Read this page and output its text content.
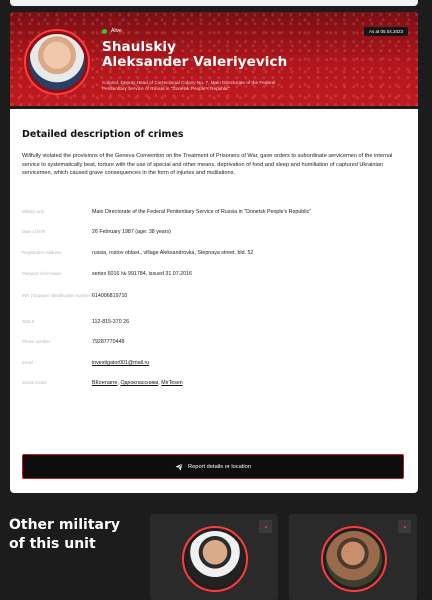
Alive	As at 05.04.2023
Shaulskiy
Aleksander Valeriyevich
Colonel, Deputy Head of Correctional Colony No. 7, Main Directorate of the Federal Penitentiary Service of Russia in "Donetsk People's Republic"
Detailed description of crimes
Willfully violated the provisions of the Geneva Convention on the Treatment of Prisoners of War, gave orders to subordinate servicemen of the internal service to systematically beat, torture with the use of special and other means, deprivation of food and sleep and humiliation of captured Ukrainian servicemen, which caused grave consequences in the form of injuries and mutilations.
Military unit	Main Directorate of the Federal Penitentiary Service of Russia in "Donetsk People's Republic"
Date of birth	26 February 1987 (age: 38 years)
Registration address	russia, rostov oblast., village Aleksandrovka, Stepnaya street, bld. 52
Passport information	series 6016 № 991784, issued 31.07.2016
INN (Taxpayer identification number) 614006819710
SNILS	112-815-370 26
Phone number	79287770448
Email	investigator001@mail.ru
Social media	ВКонтакте, Одноклассники, MirTesen
Report details or location
Other military
of this unit
